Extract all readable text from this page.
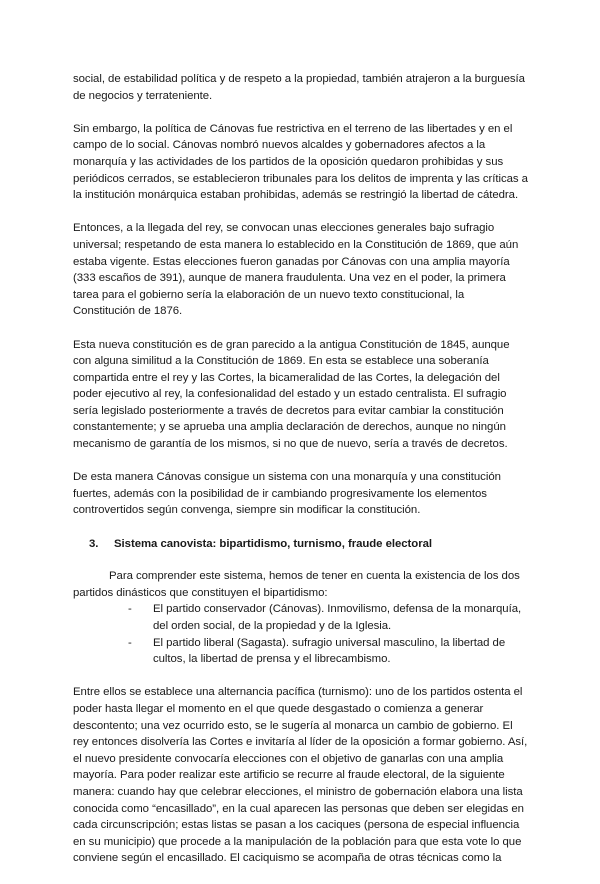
social, de estabilidad política y de respeto a la propiedad, también atrajeron a la burguesía de negocios y terrateniente.

Sin embargo, la política de Cánovas fue restrictiva en el terreno de las libertades y en el campo de lo social. Cánovas nombró nuevos alcaldes y gobernadores afectos a la monarquía y las actividades de los partidos de la oposición quedaron prohibidas y sus periódicos cerrados, se establecieron tribunales para los delitos de imprenta y las críticas a la institución monárquica estaban prohibidas, además se restringió la libertad de cátedra.

Entonces, a la llegada del rey, se convocan unas elecciones generales bajo sufragio universal; respetando de esta manera lo establecido en la Constitución de 1869, que aún estaba vigente. Estas elecciones fueron ganadas por Cánovas con una amplia mayoría (333 escaños de 391), aunque de manera fraudulenta. Una vez en el poder, la primera tarea para el gobierno sería la elaboración de un nuevo texto constitucional, la Constitución de 1876.

Esta nueva constitución es de gran parecido a la antigua Constitución de 1845, aunque con alguna similitud a la Constitución de 1869. En esta se establece una soberanía compartida entre el rey y las Cortes, la bicameralidad de las Cortes, la delegación del poder ejecutivo al rey, la confesionalidad del estado y un estado centralista. El sufragio sería legislado posteriormente a través de decretos para evitar cambiar la constitución constantemente; y se aprueba una amplia declaración de derechos, aunque no ningún mecanismo de garantía de los mismos, si no que de nuevo, sería a través de decretos.

De esta manera Cánovas consigue un sistema con una monarquía y una constitución fuertes, además con la posibilidad de ir cambiando progresivamente los elementos controvertidos según convenga, siempre sin modificar la constitución.

3.	Sistema canovista: bipartidismo, turnismo, fraude electoral

Para comprender este sistema, hemos de tener en cuenta la existencia de los dos partidos dinásticos que constituyen el bipartidismo:

-	El partido conservador (Cánovas). Inmovilismo, defensa de la monarquía, del orden social, de la propiedad y de la Iglesia.
-	El partido liberal (Sagasta). sufragio universal masculino, la libertad de cultos, la libertad de prensa y el librecambismo.

Entre ellos se establece una alternancia pacífica (turnismo): uno de los partidos ostenta el poder hasta llegar el momento en el que quede desgastado o comienza a generar descontento; una vez ocurrido esto, se le sugería al monarca un cambio de gobierno. El rey entonces disolvería las Cortes e invitaría al líder de la oposición a formar gobierno. Así, el nuevo presidente convocaría elecciones con el objetivo de ganarlas con una amplia mayoría. Para poder realizar este artificio se recurre al fraude electoral, de la siguiente manera: cuando hay que celebrar elecciones, el ministro de gobernación elabora una lista conocida como “encasillado”, en la cual aparecen las personas que deben ser elegidas en cada circunscripción; estas listas se pasan a los caciques (persona de especial influencia en su municipio) que procede a la manipulación de la población para que esta vote lo que conviene según el encasillado. El caciquismo se acompaña de otras técnicas como la
